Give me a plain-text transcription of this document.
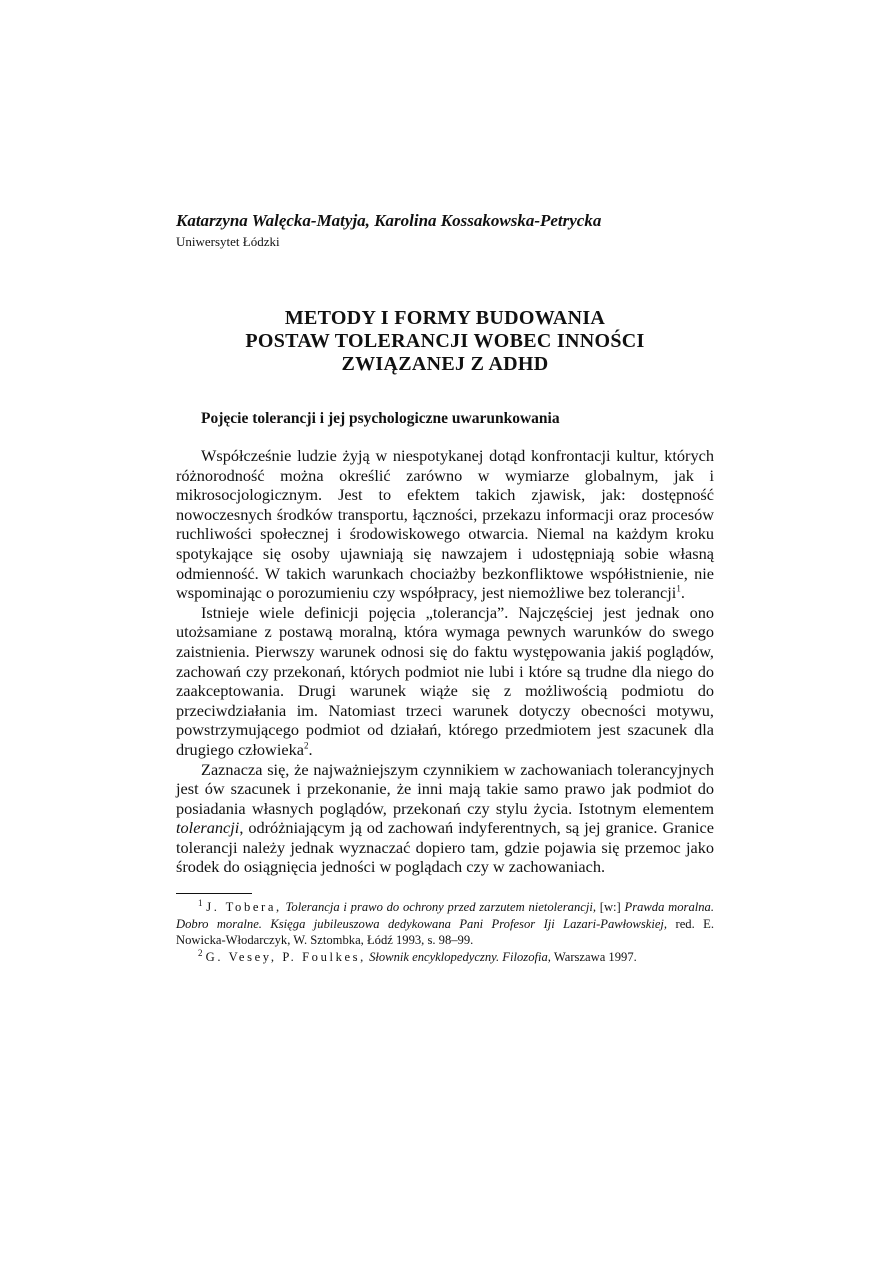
Katarzyna Walęcka-Matyja, Karolina Kossakowska-Petrycka
Uniwersytet Łódzki
METODY I FORMY BUDOWANIA
POSTAW TOLERANCJI WOBEC INNOŚCI
ZWIĄZANEJ Z ADHD
Pojęcie tolerancji i jej psychologiczne uwarunkowania

Współcześnie ludzie żyją w niespotykanej dotąd konfrontacji kultur, których różnorodność można określić zarówno w wymiarze globalnym, jak i mikrosocjologicznym. Jest to efektem takich zjawisk, jak: dostępność nowoczesnych środków transportu, łączności, przekazu informacji oraz procesów ruchliwości społecznej i środowiskowego otwarcia. Niemal na każdym kroku spotykające się osoby ujawniają się nawzajem i udostępniają sobie własną odmienność. W takich warunkach chociażby bezkonfliktowe współistnienie, nie wspominając o porozumieniu czy współpracy, jest niemożliwe bez tolerancji$^1$.

Istnieje wiele definicji pojęcia „tolerancja”. Najczęściej jest jednak ono utożsamiane z postawą moralną, która wymaga pewnych warunków do swego zaistnienia. Pierwszy warunek odnosi się do faktu występowania jakiś poglądów, zachowań czy przekonań, których podmiot nie lubi i które są trudne dla niego do zaakceptowania. Drugi warunek wiąże się z możliwością podmiotu do przeciwdziałania im. Natomiast trzeci warunek dotyczy obecności motywu, powstrzymującego podmiot od działań, którego przedmiotem jest szacunek dla drugiego człowieka$^2$.

Zaznacza się, że najważniejszym czynnikiem w zachowaniach tolerancyjnych jest ów szacunek i przekonanie, że inni mają takie samo prawo jak podmiot do posiadania własnych poglądów, przekonań czy stylu życia. Istotnym elementem tolerancji, odróżniającym ją od zachowań indyferentnych, są jej granice. Granice tolerancji należy jednak wyznaczać dopiero tam, gdzie pojawia się przemoc jako środek do osiągnięcia jedności w poglądach czy w zachowaniach.

$^1$ J. Tobera, Tolerancja i prawo do ochrony przed zarzutem nietolerancji, [w:] Prawda moralna. Dobro moralne. Księga jubileuszowa dedykowana Pani Profesor Iji Lazari-Pawłowskiej, red. E. Nowicka-Włodarczyk, W. Sztombka, Łódź 1993, s. 98–99.

$^2$ G. Vesey, P. Foulkes, Słownik encyklopedyczny. Filozofia, Warszawa 1997.
